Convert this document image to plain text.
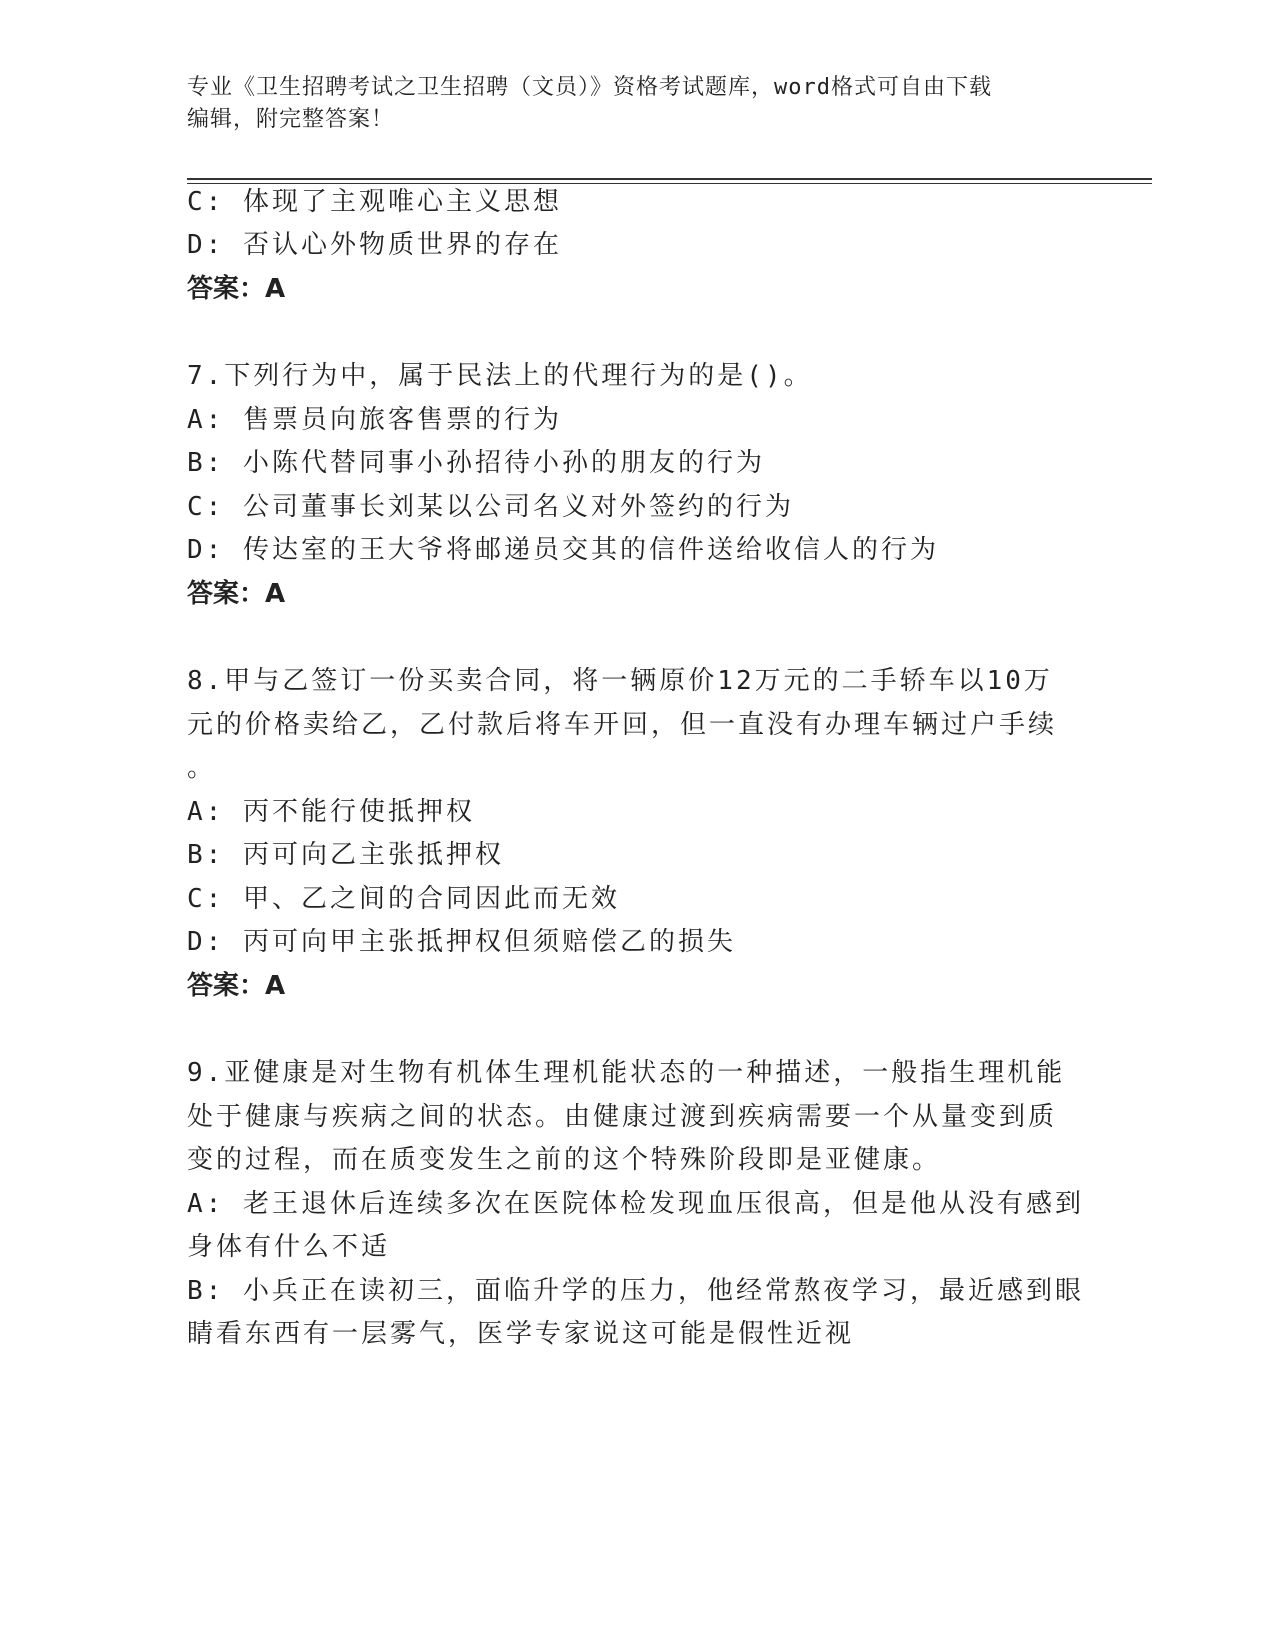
专业《卫生招聘考试之卫生招聘（文员）》资格考试题库，word格式可自由下载
编辑，附完整答案！
C: 体现了主观唯心主义思想
D: 否认心外物质世界的存在
答案：A
7.下列行为中，属于民法上的代理行为的是()。
A: 售票员向旅客售票的行为
B: 小陈代替同事小孙招待小孙的朋友的行为
C: 公司董事长刘某以公司名义对外签约的行为
D: 传达室的王大爷将邮递员交其的信件送给收信人的行为
答案：A
8.甲与乙签订一份买卖合同，将一辆原价12万元的二手轿车以10万
元的价格卖给乙，乙付款后将车开回，但一直没有办理车辆过户手续
。
A: 丙不能行使抵押权
B: 丙可向乙主张抵押权
C: 甲、乙之间的合同因此而无效
D: 丙可向甲主张抵押权但须赔偿乙的损失
答案：A
9.亚健康是对生物有机体生理机能状态的一种描述，一般指生理机能
处于健康与疾病之间的状态。由健康过渡到疾病需要一个从量变到质
变的过程，而在质变发生之前的这个特殊阶段即是亚健康。
A: 老王退休后连续多次在医院体检发现血压很高，但是他从没有感到
身体有什么不适
B: 小兵正在读初三，面临升学的压力，他经常熬夜学习，最近感到眼
睛看东西有一层雾气，医学专家说这可能是假性近视
